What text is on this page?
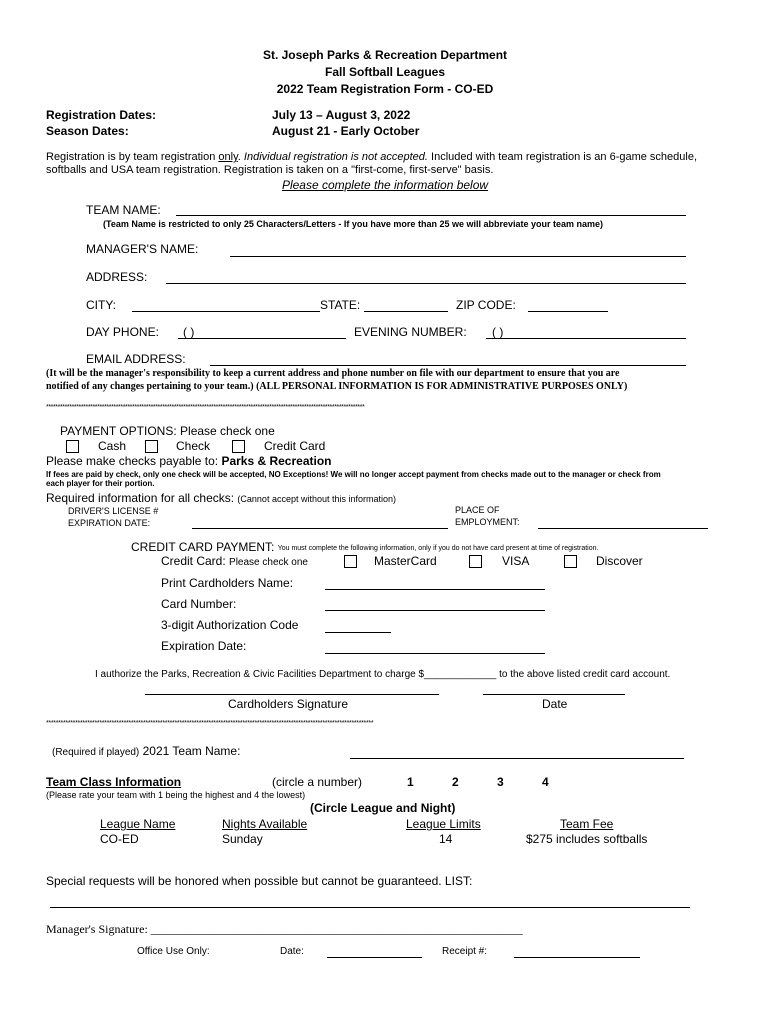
St. Joseph Parks & Recreation Department
Fall Softball Leagues
2022 Team Registration Form - CO-ED
Registration Dates:	July 13 – August 3, 2022
Season Dates:	August 21 - Early October
Registration is by team registration only. Individual registration is not accepted. Included with team registration is an 6-game schedule,
softballs and USA team registration. Registration is taken on a "first-come, first-serve" basis.
Please complete the information below
TEAM NAME:
(Team Name is restricted to only 25 Characters/Letters - If you have more than 25 we will abbreviate your team name)
MANAGER'S NAME:
ADDRESS:
CITY:	STATE:	ZIP CODE:
DAY PHONE: ( )	EVENING NUMBER: ( )
EMAIL ADDRESS:
(It will be the manager's responsibility to keep a current address and phone number on file with our department to ensure that you are
notified of any changes pertaining to your team.) (ALL PERSONAL INFORMATION IS FOR ADMINISTRATIVE PURPOSES ONLY)
*****************************************************************************************************************************************
PAYMENT OPTIONS: Please check one
Cash	Check	Credit Card
Please make checks payable to: Parks & Recreation
If fees are paid by check, only one check will be accepted, NO Exceptions! We will no longer accept payment from checks made out to the manager or check from
each player for their portion.
Required information for all checks: (Cannot accept without this information)
DRIVER'S LICENSE #
EXPIRATION DATE:
PLACE OF
EMPLOYMENT:
CREDIT CARD PAYMENT: You must complete the following information, only if you do not have card present at time of registration.
Credit Card: Please check one	MasterCard	VISA	Discover
Print Cardholders Name:
Card Number:
3-digit Authorization Code
Expiration Date:
I authorize the Parks, Recreation & Civic Facilities Department to charge $_____________ to the above listed credit card account.
Cardholders Signature	Date
***************************************************************************************************************************************
(Required if played) 2021 Team Name:
Team Class Information	(circle a number)	1	2	3	4
(Please rate your team with 1 being the highest and 4 the lowest)
(Circle League and Night)
League Name	Nights Available	League Limits	Team Fee
CO-ED	Sunday	14	$275 includes softballs
Special requests will be honored when possible but cannot be guaranteed. LIST:
Manager's Signature: ______________________________________________________________
Office Use Only:	Date:	Receipt #:
